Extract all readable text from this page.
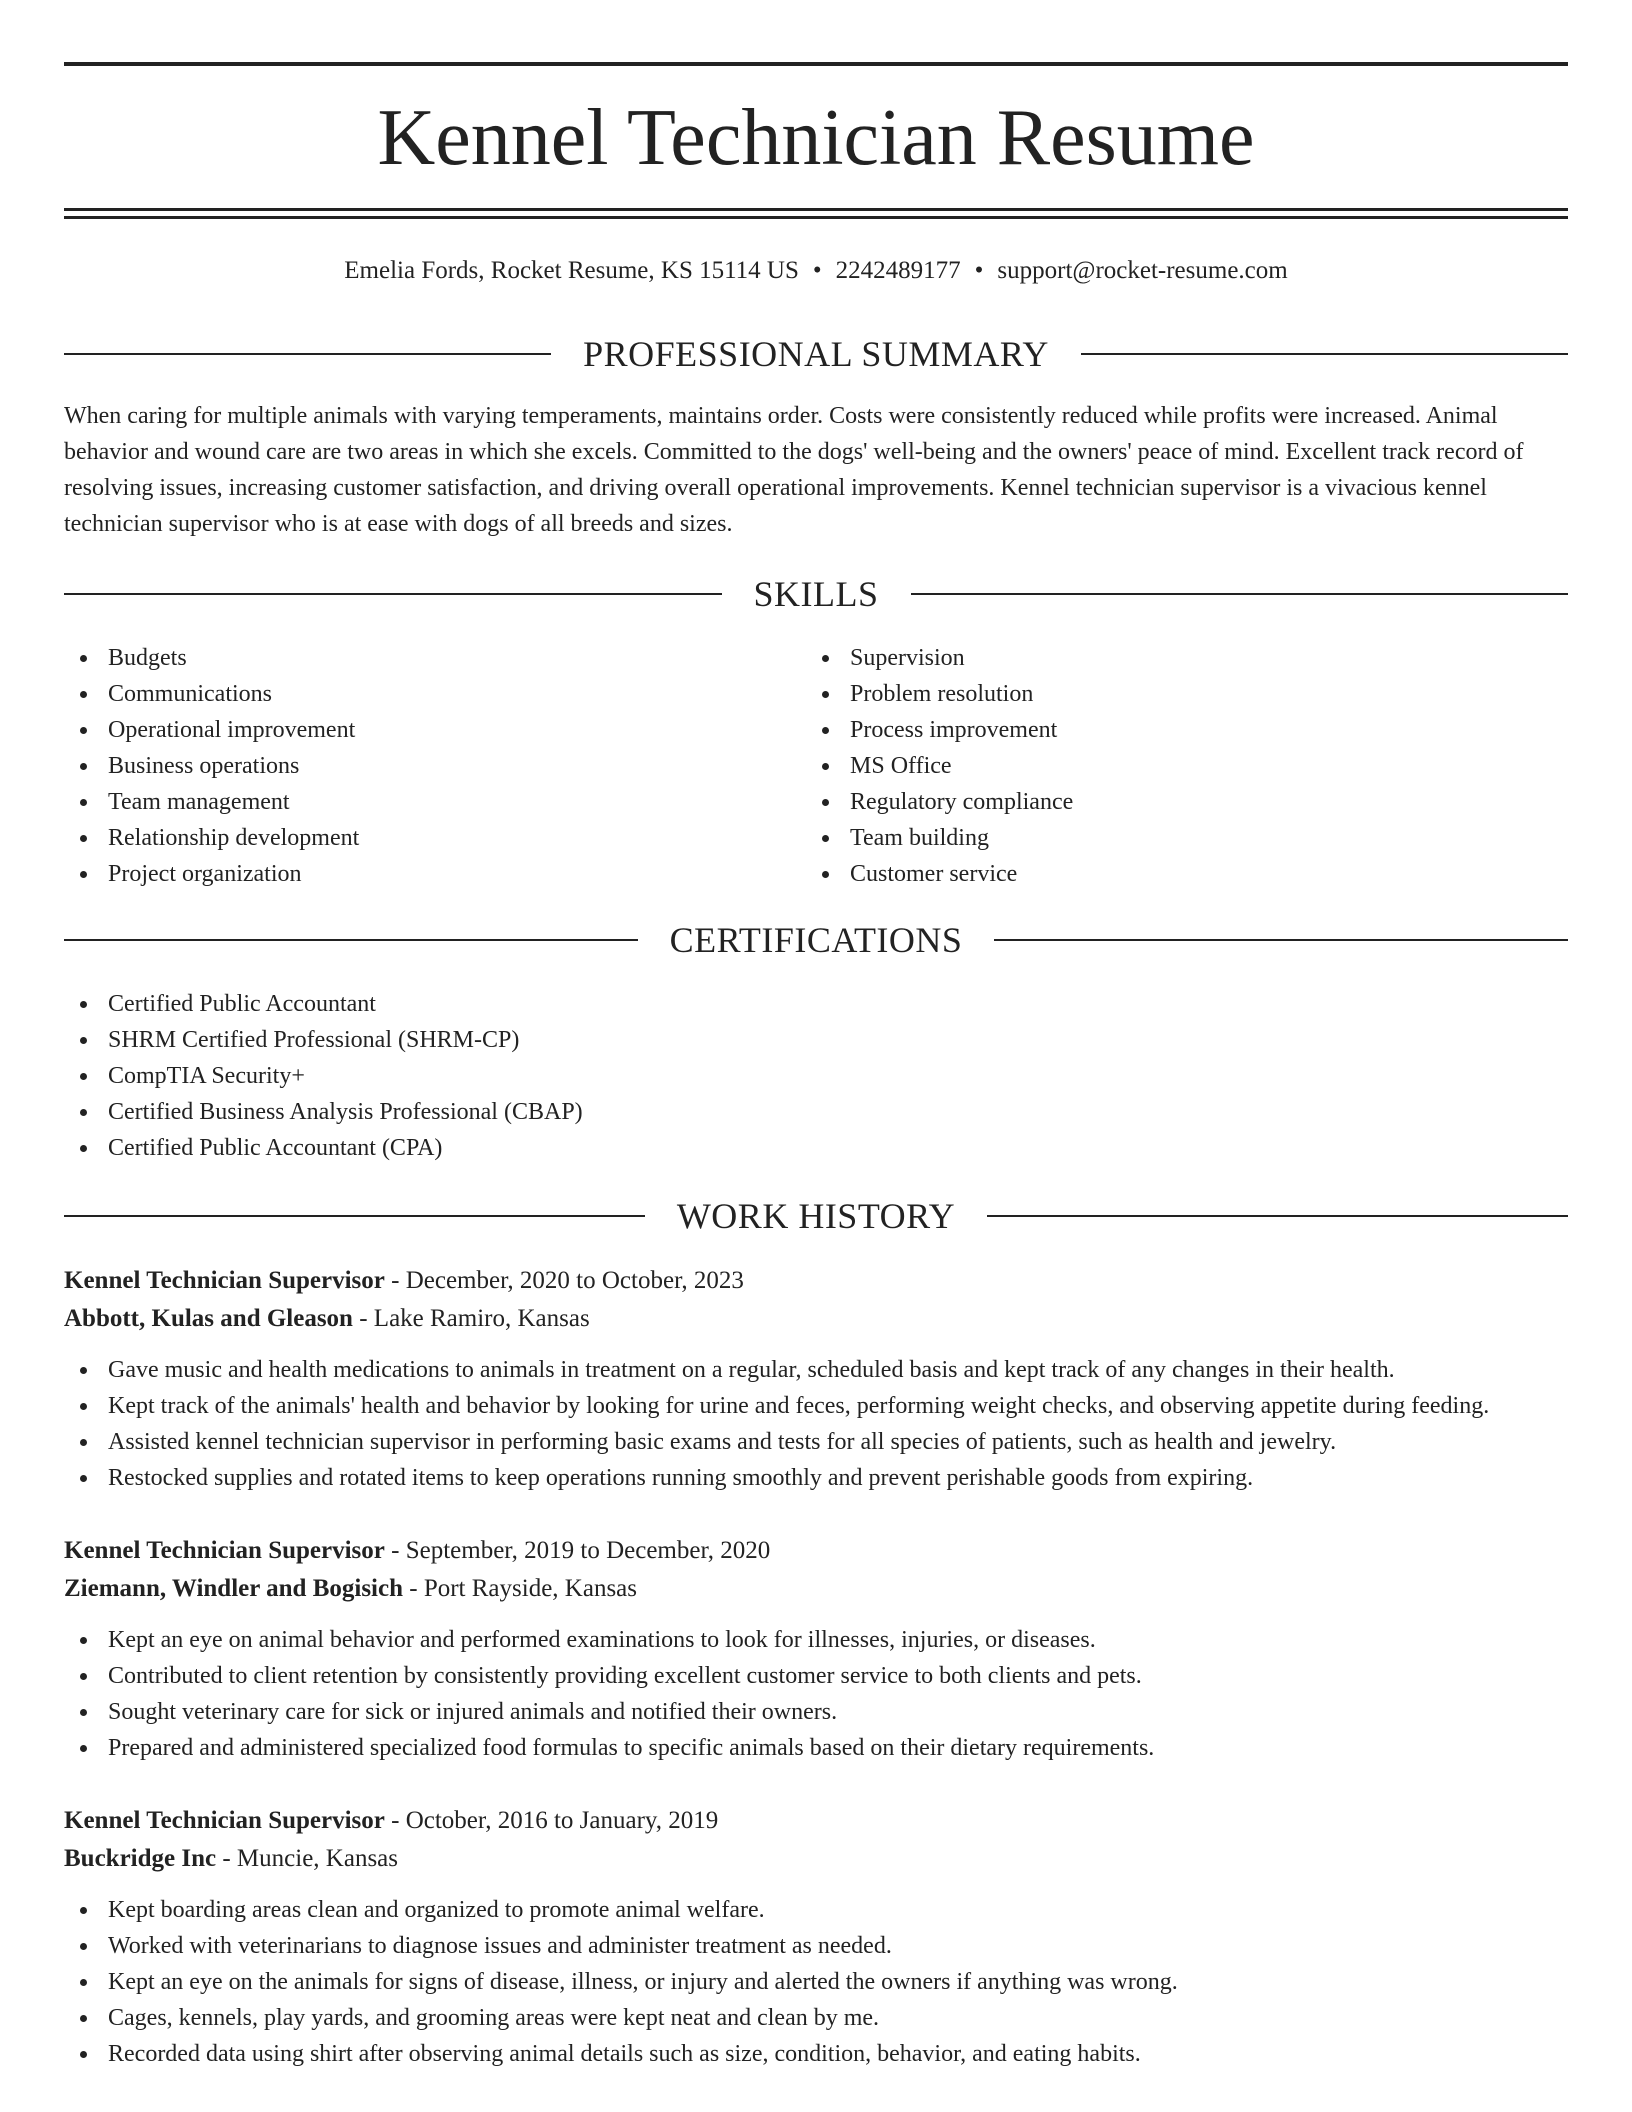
Kennel Technician Resume
Emelia Fords, Rocket Resume, KS 15114 US • 2242489177 • support@rocket-resume.com
PROFESSIONAL SUMMARY

When caring for multiple animals with varying temperaments, maintains order. Costs were consistently reduced while profits were increased. Animal behavior and wound care are two areas in which she excels. Committed to the dogs' well-being and the owners' peace of mind. Excellent track record of resolving issues, increasing customer satisfaction, and driving overall operational improvements. Kennel technician supervisor is a vivacious kennel technician supervisor who is at ease with dogs of all breeds and sizes.

SKILLS
Budgets
Communications
Operational improvement
Business operations
Team management
Relationship development
Project organization
Supervision
Problem resolution
Process improvement
MS Office
Regulatory compliance
Team building
Customer service
CERTIFICATIONS
Certified Public Accountant
SHRM Certified Professional (SHRM-CP)
CompTIA Security+
Certified Business Analysis Professional (CBAP)
Certified Public Accountant (CPA)
WORK HISTORY
Kennel Technician Supervisor - December, 2020 to October, 2023
Abbott, Kulas and Gleason - Lake Ramiro, Kansas
Gave music and health medications to animals in treatment on a regular, scheduled basis and kept track of any changes in their health.
Kept track of the animals' health and behavior by looking for urine and feces, performing weight checks, and observing appetite during feeding.
Assisted kennel technician supervisor in performing basic exams and tests for all species of patients, such as health and jewelry.
Restocked supplies and rotated items to keep operations running smoothly and prevent perishable goods from expiring.
Kennel Technician Supervisor - September, 2019 to December, 2020
Ziemann, Windler and Bogisich - Port Rayside, Kansas
Kept an eye on animal behavior and performed examinations to look for illnesses, injuries, or diseases.
Contributed to client retention by consistently providing excellent customer service to both clients and pets.
Sought veterinary care for sick or injured animals and notified their owners.
Prepared and administered specialized food formulas to specific animals based on their dietary requirements.
Kennel Technician Supervisor - October, 2016 to January, 2019
Buckridge Inc - Muncie, Kansas
Kept boarding areas clean and organized to promote animal welfare.
Worked with veterinarians to diagnose issues and administer treatment as needed.
Kept an eye on the animals for signs of disease, illness, or injury and alerted the owners if anything was wrong.
Cages, kennels, play yards, and grooming areas were kept neat and clean by me.
Recorded data using shirt after observing animal details such as size, condition, behavior, and eating habits.
